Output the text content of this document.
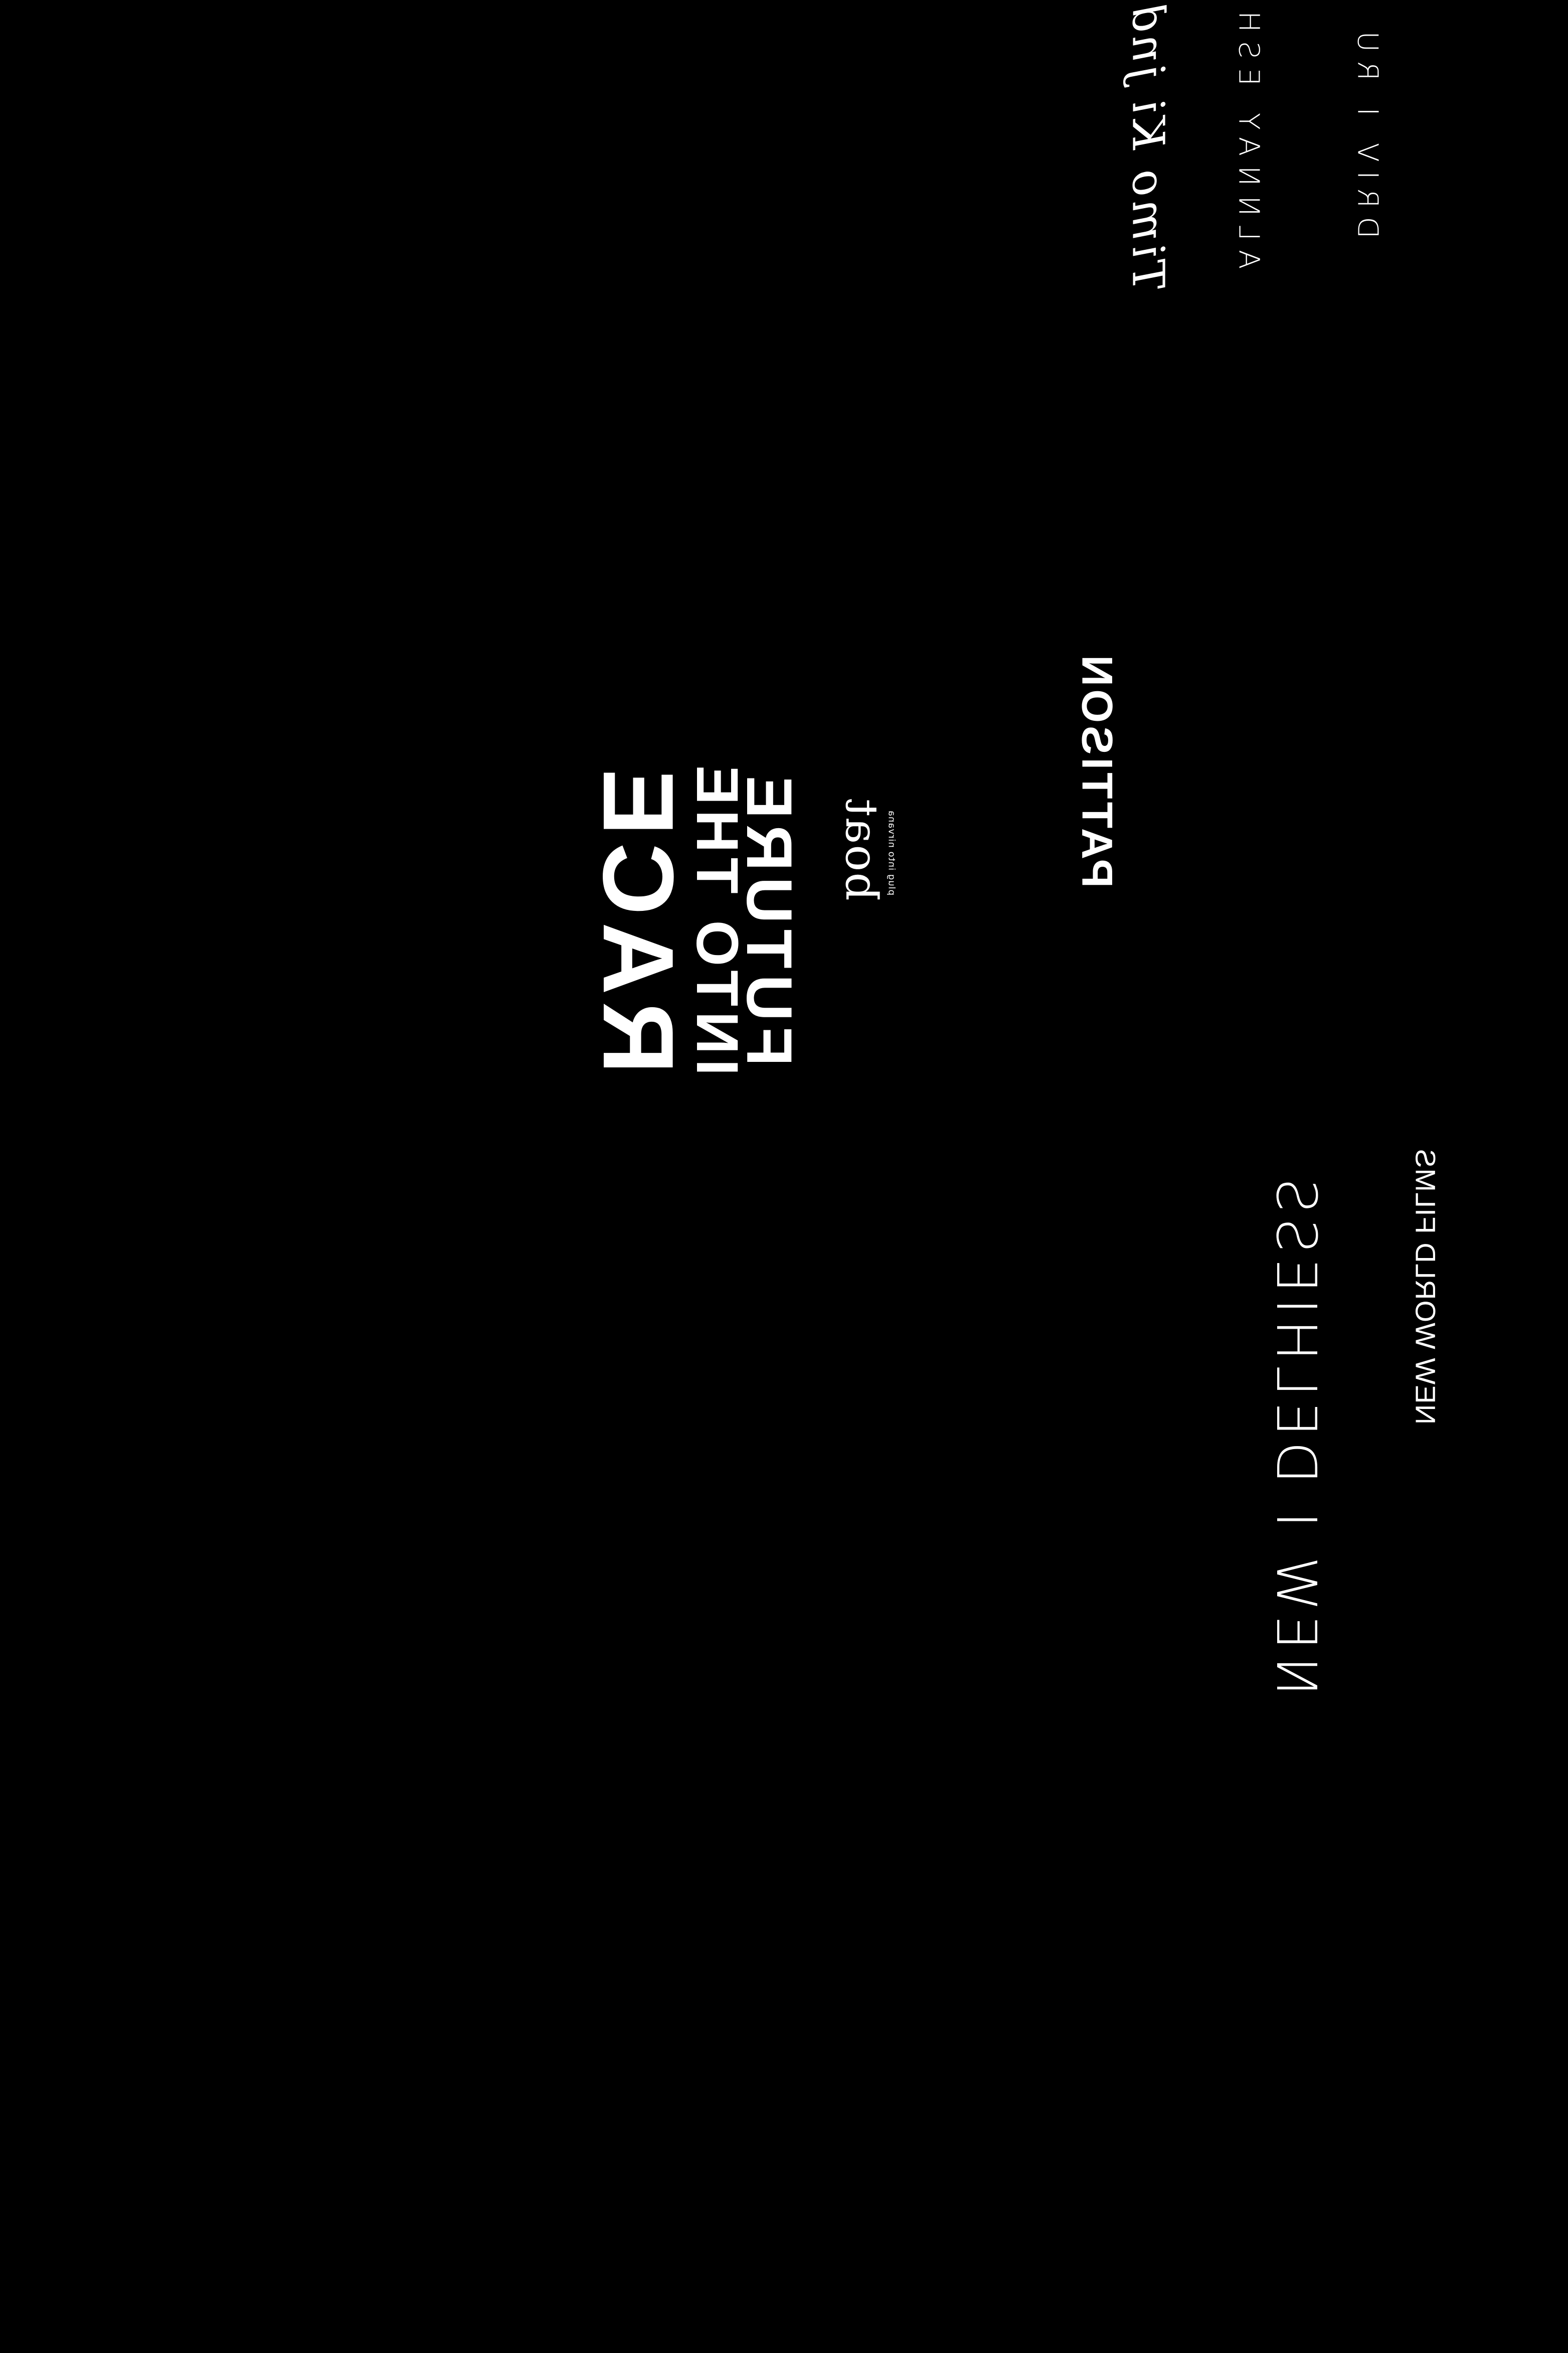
DRIV I RU
ALNNAY ESH
Timo Ki jnd
PATTISON
RACE
INTO THE
FUTURE boat
plug into nirvana
NEW WORLD FILMS
NEW I DELHIESS
